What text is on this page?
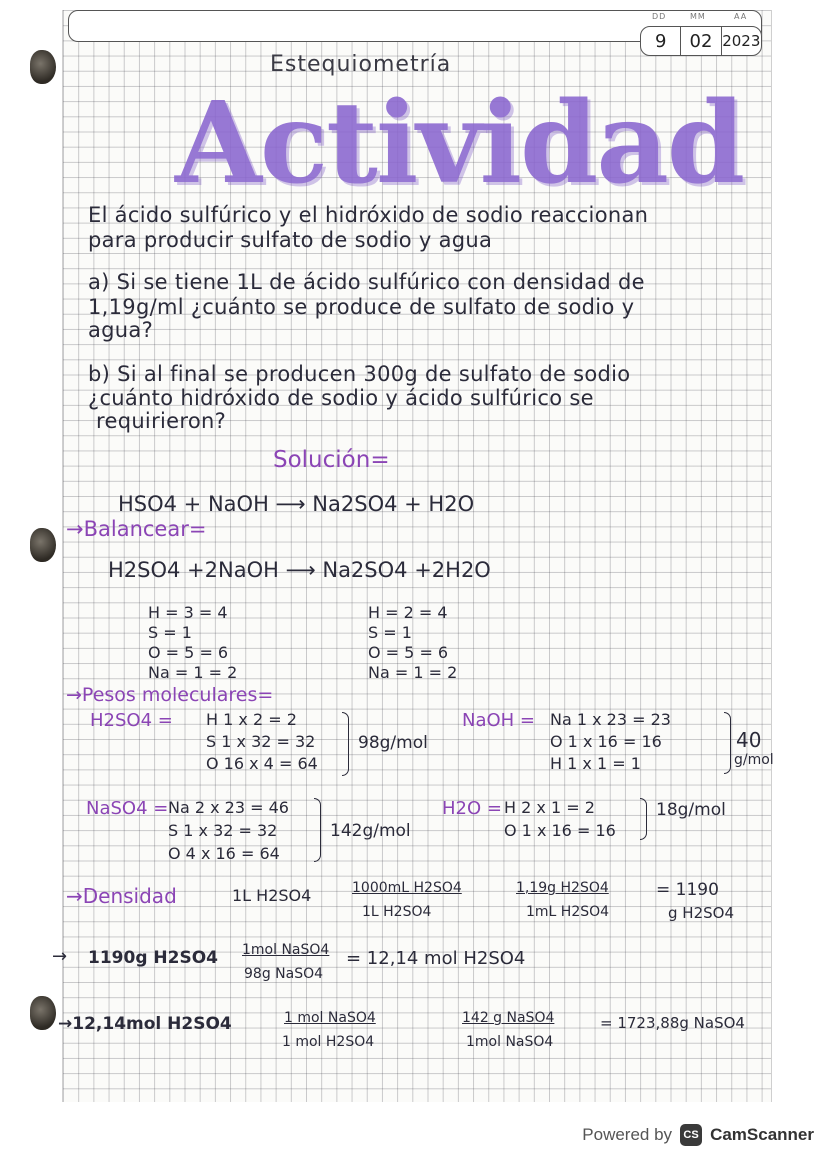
DD	MM	AA
9	02 2023
Estequiometría
Actividad
El ácido sulfúrico y el hidróxido de sodio reaccionan
para producir sulfato de sodio y agua
a) Si se tiene 1L de ácido sulfúrico con densidad de
1,19g/ml ¿cuánto se produce de sulfato de sodio y
agua?
b) Si al final se producen 300g de sulfato de sodio
¿cuánto hidróxido de sodio y ácido sulfúrico se
requirieron?
Solución=
HSO4 + NaOH ⟶ Na2SO4 + H2O
→Balancear=
H2SO4 +2NaOH ⟶ Na2SO4 +2H2O
H = 3 = 4
S = 1
O = 5 = 6
Na = 1 = 2
H = 2 = 4
S = 1
O = 5 = 6
Na = 1 = 2
→Pesos moleculares=
H2SO4 = H 1 x 2 = 2
S 1 x 32 = 32
O 16 x 4 = 64
98g/mol
NaOH = Na 1 x 23 = 23
O 1 x 16 = 16
H 1 x 1 = 1
40
g/mol
NaSO4 = Na 2 x 23 = 46
S 1 x 32 = 32
O 4 x 16 = 64
142g/mol
H2O = H 2 x 1 = 2
O 1 x 16 = 16
18g/mol
→Densidad	1L H2SO4	1000mL H2SO4
1L H2SO4
1,19g H2SO4
1mL H2SO4
= 1190
g H2SO4
→ 1190g H2SO4 1mol NaSO4
98g NaSO4
= 12,14 mol H2SO4
→12,14mol H2SO4	1 mol NaSO4
1 mol H2SO4
142 g NaSO4
1mol NaSO4
= 1723,88g NaSO4
Powered by	CS CamScanner
